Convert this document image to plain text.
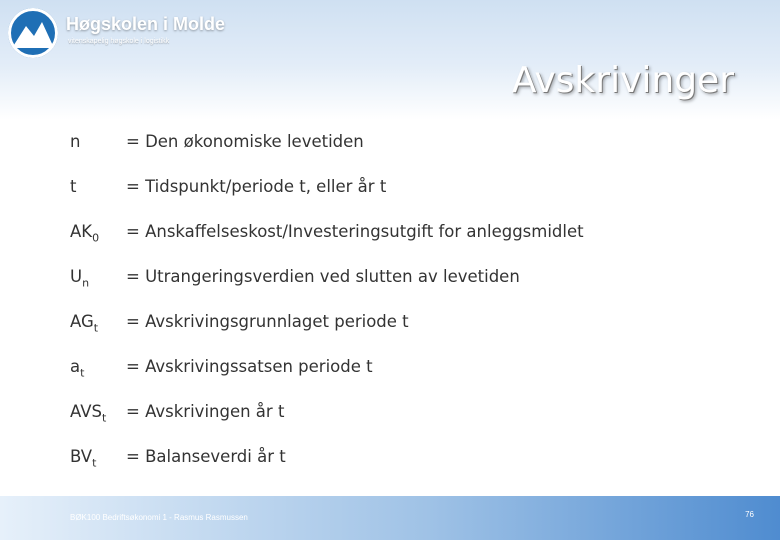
Høgskolen i Molde
vitenskapelig høgskole i logistikk
Avskrivinger
n	= Den økonomiske levetiden
t	= Tidspunkt/periode t, eller år t
$AK_0$	= Anskaffelseskost/Investeringsutgift for anleggsmidlet
$U_n$	= Utrangeringsverdien ved slutten av levetiden
$AG_t$	= Avskrivingsgrunnlaget periode t
$a_t$	= Avskrivingssatsen periode t
$AVS_t$	= Avskrivingen år t
$BV_t$	= Balanseverdi år t
BØK100 Bedriftsøkonomi 1 - Rasmus Rasmussen	76
